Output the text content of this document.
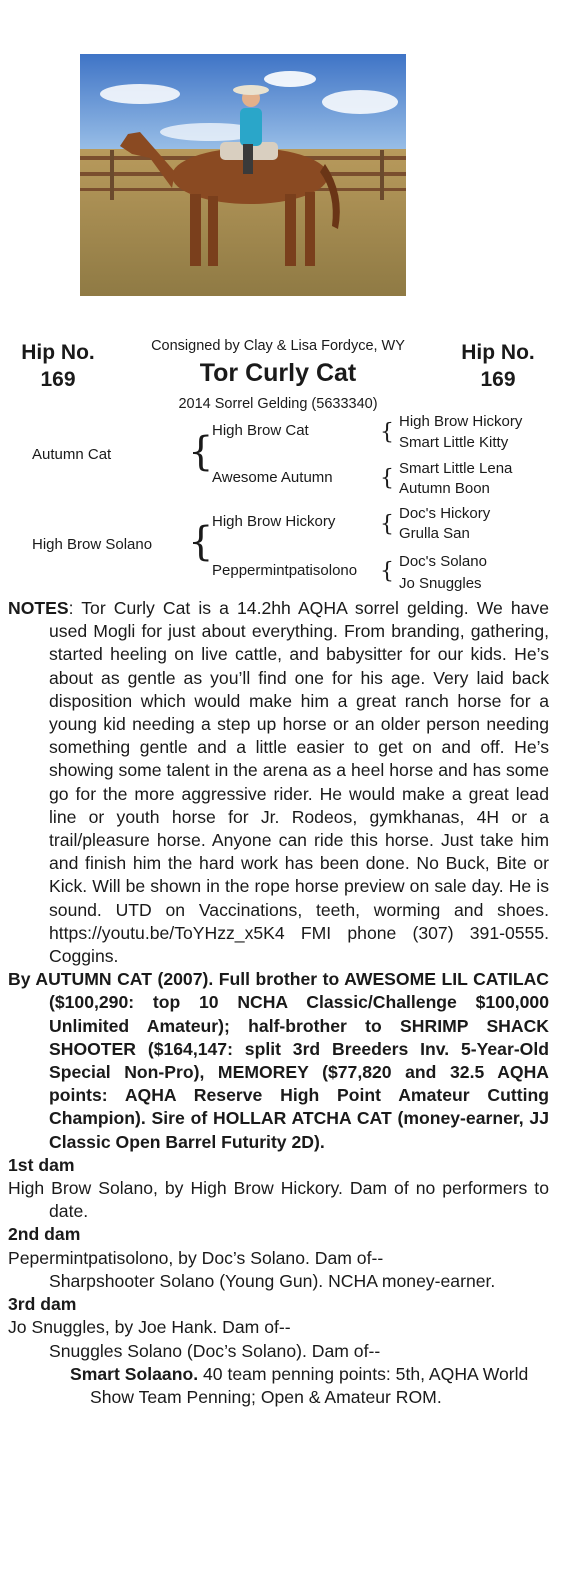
Hip No.
169
Hip No.
169
Consigned by Clay & Lisa Fordyce, WY
Tor Curly Cat
2014 Sorrel Gelding (5633340)
Autumn Cat {
High Brow Cat
Awesome Autumn
{ High Brow Hickory
Smart Little Kitty
{ Smart Little Lena
Autumn Boon
High Brow Solano {
High Brow Hickory
Peppermintpatisolono
{ Doc's Hickory
Grulla San
{ Doc's Solano
Jo Snuggles

NOTES: Tor Curly Cat is a 14.2hh AQHA sorrel gelding. We have used Mogli for just about everything. From branding, gathering, started heeling on live cattle, and babysitter for our kids. He’s about as gentle as you’ll find one for his age. Very laid back disposition which would make him a great ranch horse for a young kid needing a step up horse or an older person needing something gentle and a little easier to get on and off. He’s showing some talent in the arena as a heel horse and has some go for the more aggressive rider. He would make a great lead line or youth horse for Jr. Rodeos, gymkhanas, 4H or a trail/pleasure horse. Anyone can ride this horse. Just take him and finish him the hard work has been done. No Buck, Bite or Kick. Will be shown in the rope horse preview on sale day. He is sound. UTD on Vaccinations, teeth, worming and shoes. https://youtu.be/ToYHzz_x5K4 FMI phone (307) 391-0555. Coggins.

By AUTUMN CAT (2007). Full brother to AWESOME LIL CATILAC ($100,290: top 10 NCHA Classic/Challenge $100,000 Unlimited Amateur); half-brother to SHRIMP SHACK SHOOTER ($164,147: split 3rd Breeders Inv. 5-Year-Old Special Non-Pro), MEMOREY ($77,820 and 32.5 AQHA points: AQHA Reserve High Point Amateur Cutting Champion). Sire of HOLLAR ATCHA CAT (money-earner, JJ Classic Open Barrel Futurity 2D).

1st dam

High Brow Solano, by High Brow Hickory. Dam of no performers to date.

2nd dam

Pepermintpatisolono, by Doc’s Solano. Dam of--

Sharpshooter Solano (Young Gun). NCHA money-earner.

3rd dam

Jo Snuggles, by Joe Hank. Dam of--

Snuggles Solano (Doc’s Solano). Dam of--

Smart Solaano. 40 team penning points: 5th, AQHA World Show Team Penning; Open & Amateur ROM.
